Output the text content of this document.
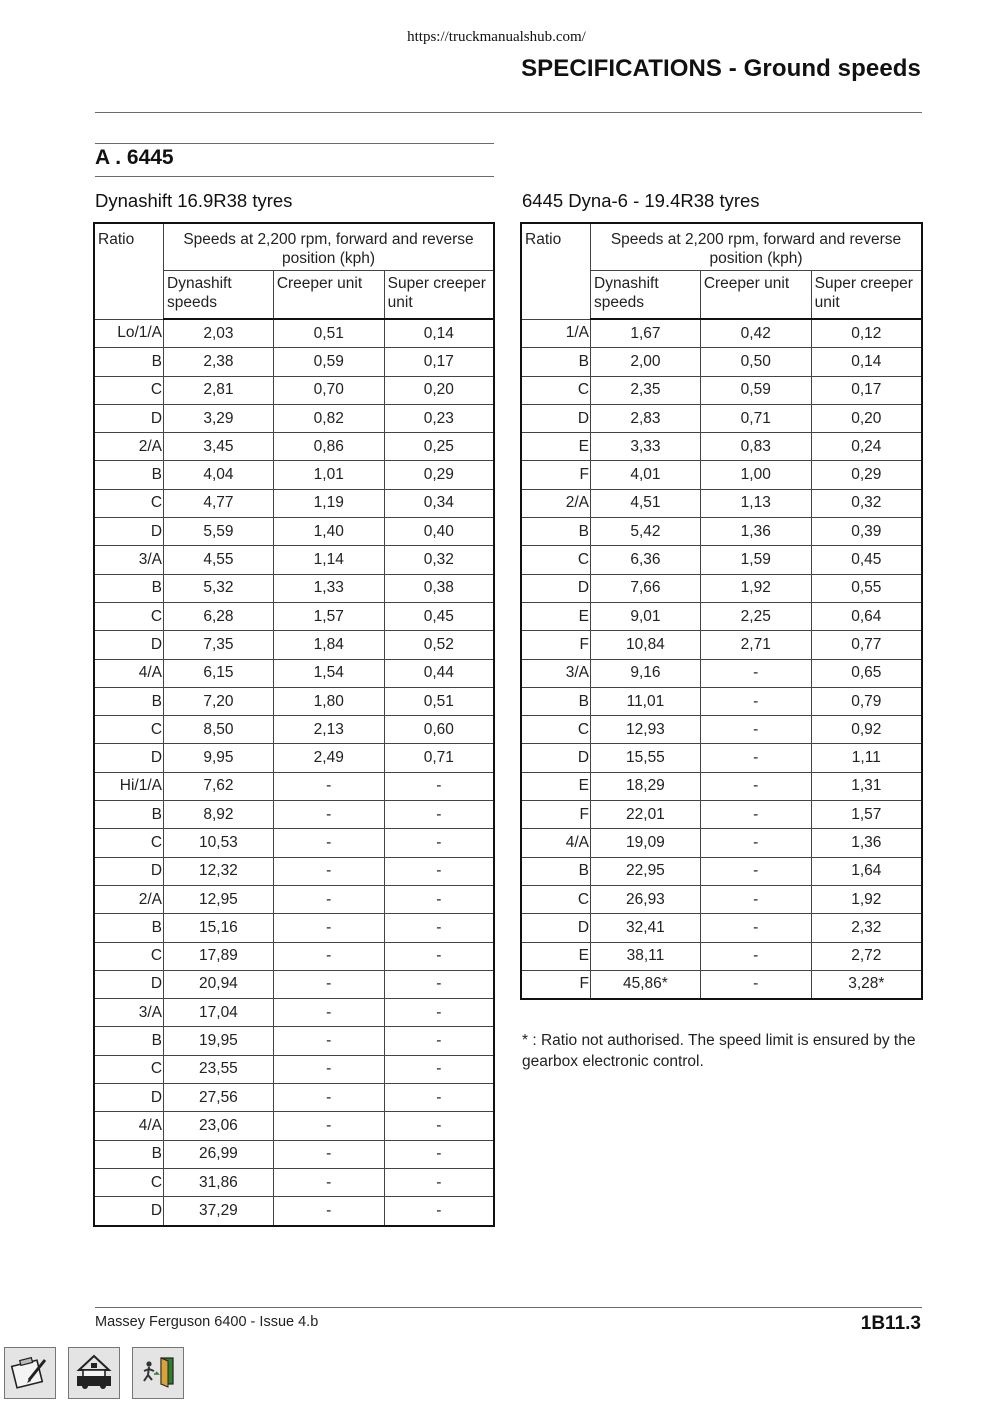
https://truckmanualshub.com/
SPECIFICATIONS - Ground speeds
A . 6445
Dynashift 16.9R38 tyres	6445 Dyna-6 - 19.4R38 tyres
Ratio	Speeds at 2,200 rpm, forward and reverse position (kph)		
	Dynashift speeds	Creeper unit	Super creeper unit
Lo/1/A	2,03	0,51	0,14
B	2,38	0,59	0,17
C	2,81	0,70	0,20
D	3,29	0,82	0,23
2/A	3,45	0,86	0,25
B	4,04	1,01	0,29
C	4,77	1,19	0,34
D	5,59	1,40	0,40
3/A	4,55	1,14	0,32
B	5,32	1,33	0,38
C	6,28	1,57	0,45
D	7,35	1,84	0,52
4/A	6,15	1,54	0,44
B	7,20	1,80	0,51
C	8,50	2,13	0,60
D	9,95	2,49	0,71
Hi/1/A	7,62	-	-
B	8,92	-	-
C	10,53	-	-
D	12,32	-	-
2/A	12,95	-	-
B	15,16	-	-
C	17,89	-	-
D	20,94	-	-
3/A	17,04	-	-
B	19,95	-	-
C	23,55	-	-
D	27,56	-	-
4/A	23,06	-	-
B	26,99	-	-
C	31,86	-	-
D	37,29	-	-
Ratio	Speeds at 2,200 rpm, forward and reverse position (kph)		
	Dynashift speeds	Creeper unit	Super creeper unit
1/A	1,67	0,42	0,12
B	2,00	0,50	0,14
C	2,35	0,59	0,17
D	2,83	0,71	0,20
E	3,33	0,83	0,24
F	4,01	1,00	0,29
2/A	4,51	1,13	0,32
B	5,42	1,36	0,39
C	6,36	1,59	0,45
D	7,66	1,92	0,55
E	9,01	2,25	0,64
F	10,84	2,71	0,77
3/A	9,16	-	0,65
B	11,01	-	0,79
C	12,93	-	0,92
D	15,55	-	1,11
E	18,29	-	1,31
F	22,01	-	1,57
4/A	19,09	-	1,36
B	22,95	-	1,64
C	26,93	-	1,92
D	32,41	-	2,32
E	38,11	-	2,72
F	45,86*	-	3,28*
* : Ratio not authorised. The speed limit is ensured by the gearbox electronic control.
Massey Ferguson 6400 - Issue 4.b	1B11.3
